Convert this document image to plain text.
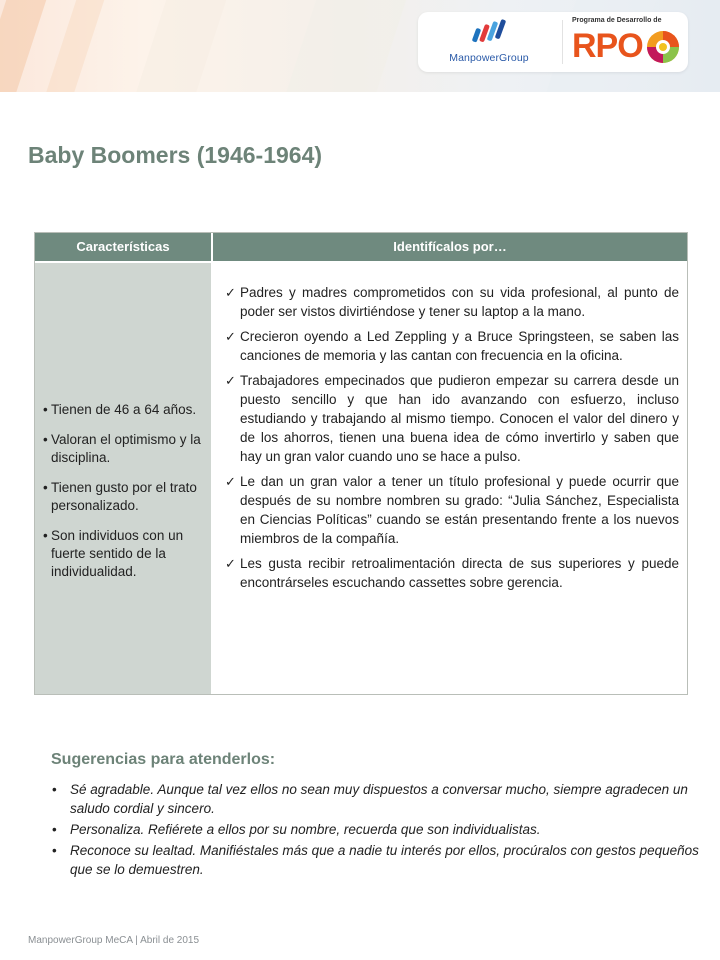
ManpowerGroup
Programa de Desarrollo de
RPO
Baby Boomers (1946-1964)
Características	Identifícalos por…
• Tienen de 46 a 64 años.
• Valoran el optimismo y la disciplina.
• Tienen gusto por el trato personalizado.
• Son individuos con un fuerte sentido de la individualidad.
✓ Padres y madres comprometidos con su vida profesional, al punto de poder ser vistos divirtiéndose y tener su laptop a la mano.
✓ Crecieron oyendo a Led Zeppling y a Bruce Springsteen, se saben las canciones de memoria y las cantan con frecuencia en la oficina.
✓ Trabajadores empecinados que pudieron empezar su carrera desde un puesto sencillo y que han ido avanzando con esfuerzo, incluso estudiando y trabajando al mismo tiempo. Conocen el valor del dinero y de los ahorros, tienen una buena idea de cómo invertirlo y saben que hay un gran valor cuando uno se hace a pulso.
✓ Le dan un gran valor a tener un título profesional y puede ocurrir que después de su nombre nombren su grado: “Julia Sánchez, Especialista en Ciencias Políticas” cuando se están presentando frente a los nuevos miembros de la compañía.
✓ Les gusta recibir retroalimentación directa de sus superiores y puede encontrárseles escuchando cassettes sobre gerencia.
Sugerencias para atenderlos:
• Sé agradable. Aunque tal vez ellos no sean muy dispuestos a conversar mucho, siempre agradecen un saludo cordial y sincero.
• Personaliza. Refiérete a ellos por su nombre, recuerda que son individualistas.
• Reconoce su lealtad. Manifiéstales más que a nadie tu interés por ellos, procúralos con gestos pequeños que se lo demuestren.
ManpowerGroup MeCA | Abril de 2015
